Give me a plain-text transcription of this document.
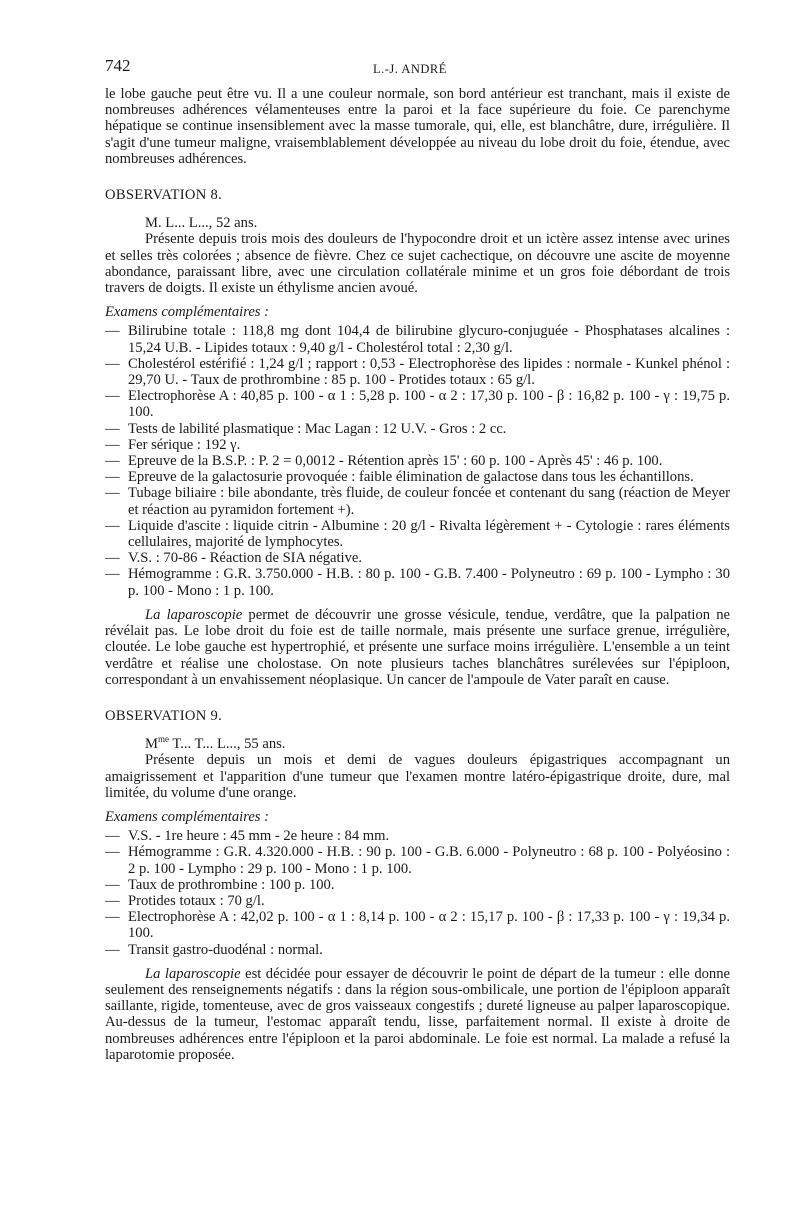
742	L.-J. ANDRÉ

le lobe gauche peut être vu. Il a une couleur normale, son bord antérieur est tranchant, mais il existe de nombreuses adhérences vélamenteuses entre la paroi et la face supérieure du foie. Ce parenchyme hépatique se continue insensiblement avec la masse tumorale, qui, elle, est blanchâtre, dure, irrégulière. Il s'agit d'une tumeur maligne, vraisemblablement développée au niveau du lobe droit du foie, étendue, avec nombreuses adhérences.

OBSERVATION 8.
M. L... L..., 52 ans.

Présente depuis trois mois des douleurs de l'hypocondre droit et un ictère assez intense avec urines et selles très colorées ; absence de fièvre. Chez ce sujet cachectique, on découvre une ascite de moyenne abondance, paraissant libre, avec une circulation collatérale minime et un gros foie débordant de trois travers de doigts. Il existe un éthylisme ancien avoué.

Examens complémentaires :
— Bilirubine totale : 118,8 mg dont 104,4 de bilirubine glycuro-conjuguée - Phosphatases alcalines : 15,24 U.B. - Lipides totaux : 9,40 g/l - Cholestérol total : 2,30 g/l.
— Cholestérol estérifié : 1,24 g/l ; rapport : 0,53 - Electrophorèse des lipides : normale - Kunkel phénol : 29,70 U. - Taux de prothrombine : 85 p. 100 - Protides totaux : 65 g/l.
— Electrophorèse A : 40,85 p. 100 - α 1 : 5,28 p. 100 - α 2 : 17,30 p. 100 - β : 16,82 p. 100 - γ : 19,75 p. 100.
— Tests de labilité plasmatique : Mac Lagan : 12 U.V. - Gros : 2 cc.
— Fer sérique : 192 γ.
— Epreuve de la B.S.P. : P. 2 = 0,0012 - Rétention après 15' : 60 p. 100 - Après 45' : 46 p. 100.
— Epreuve de la galactosurie provoquée : faible élimination de galactose dans tous les échantillons.
— Tubage biliaire : bile abondante, très fluide, de couleur foncée et contenant du sang (réaction de Meyer et réaction au pyramidon fortement +).
— Liquide d'ascite : liquide citrin - Albumine : 20 g/l - Rivalta légèrement + - Cytologie : rares éléments cellulaires, majorité de lymphocytes.
— V.S. : 70-86 - Réaction de SIA négative.
— Hémogramme : G.R. 3.750.000 - H.B. : 80 p. 100 - G.B. 7.400 - Polyneutro : 69 p. 100 - Lympho : 30 p. 100 - Mono : 1 p. 100.

La laparoscopie permet de découvrir une grosse vésicule, tendue, verdâtre, que la palpation ne révélait pas. Le lobe droit du foie est de taille normale, mais présente une surface grenue, irrégulière, cloutée. Le lobe gauche est hypertrophié, et présente une surface moins irrégulière. L'ensemble a un teint verdâtre et réalise une cholostase. On note plusieurs taches blanchâtres surélevées sur l'épiploon, correspondant à un envahissement néoplasique. Un cancer de l'ampoule de Vater paraît en cause.

OBSERVATION 9.
$M^{me}$ T... T... L..., 55 ans.

Présente depuis un mois et demi de vagues douleurs épigastriques accompagnant un amaigrissement et l'apparition d'une tumeur que l'examen montre latéro-épigastrique droite, dure, mal limitée, du volume d'une orange.

Examens complémentaires :
— V.S. - 1re heure : 45 mm - 2e heure : 84 mm.
— Hémogramme : G.R. 4.320.000 - H.B. : 90 p. 100 - G.B. 6.000 - Polyneutro : 68 p. 100 - Polyéosino : 2 p. 100 - Lympho : 29 p. 100 - Mono : 1 p. 100.
— Taux de prothrombine : 100 p. 100.
— Protides totaux : 70 g/l.
— Electrophorèse A : 42,02 p. 100 - α 1 : 8,14 p. 100 - α 2 : 15,17 p. 100 - β : 17,33 p. 100 - γ : 19,34 p. 100.
— Transit gastro-duodénal : normal.

La laparoscopie est décidée pour essayer de découvrir le point de départ de la tumeur : elle donne seulement des renseignements négatifs : dans la région sous-ombilicale, une portion de l'épiploon apparaît saillante, rigide, tomenteuse, avec de gros vaisseaux congestifs ; dureté ligneuse au palper laparoscopique. Au-dessus de la tumeur, l'estomac apparaît tendu, lisse, parfaitement normal. Il existe à droite de nombreuses adhérences entre l'épiploon et la paroi abdominale. Le foie est normal. La malade a refusé la laparotomie proposée.
